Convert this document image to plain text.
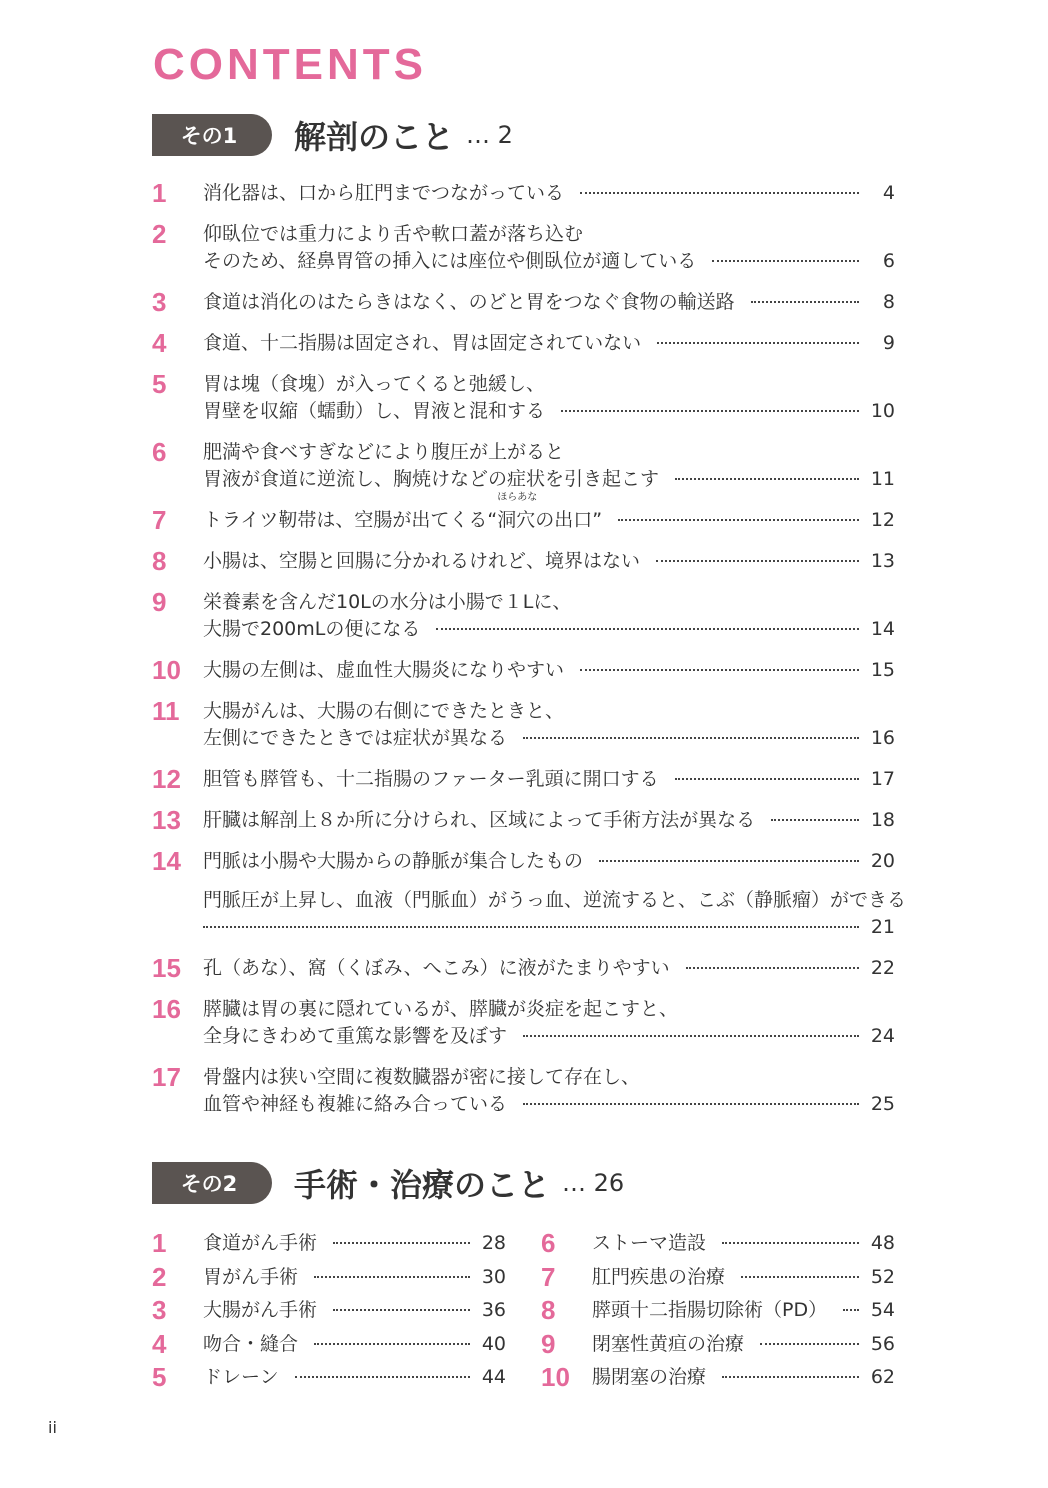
CONTENTS
その1	解剖のこと … 2
1	消化器は、口から肛門までつながっている	4
2	仰臥位では重力により舌や軟口蓋が落ち込む
そのため、経鼻胃管の挿入には座位や側臥位が適している	6
3	食道は消化のはたらきはなく、のどと胃をつなぐ食物の輸送路	8
4	食道、十二指腸は固定され、胃は固定されていない	9
5	胃は塊（食塊）が入ってくると弛緩し、
胃壁を収縮（蠕動）し、胃液と混和する	10
6	肥満や食べすぎなどにより腹圧が上がると
胃液が食道に逆流し、胸焼けなどの症状を引き起こす	11
7	トライツ靭帯は、空腸が出てくる“洞穴
ほらあな
の出口”	12
8	小腸は、空腸と回腸に分かれるけれど、境界はない	13
9	栄養素を含んだ10Lの水分は小腸で１Lに、
大腸で200mLの便になる	14
10	大腸の左側は、虚血性大腸炎になりやすい	15
11	大腸がんは、大腸の右側にできたときと、
左側にできたときでは症状が異なる	16
12	胆管も膵管も、十二指腸のファーター乳頭に開口する	17
13	肝臓は解剖上８か所に分けられ、区域によって手術方法が異なる	18
14	門脈は小腸や大腸からの静脈が集合したもの	20
門脈圧が上昇し、血液（門脈血）がうっ血、逆流すると、こぶ（静脈瘤）ができる
21
15	孔（あな）、窩（くぼみ、へこみ）に液がたまりやすい	22
16	膵臓は胃の裏に隠れているが、膵臓が炎症を起こすと、
全身にきわめて重篤な影響を及ぼす	24
17	骨盤内は狭い空間に複数臓器が密に接して存在し、
血管や神経も複雑に絡み合っている	25
その2	手術・治療のこと … 26
1	食道がん手術	28
2	胃がん手術	30
3	大腸がん手術	36
4	吻合・縫合	40
5	ドレーン	44
6	ストーマ造設	48
7	肛門疾患の治療	52
8	膵頭十二指腸切除術（PD） 54
9	閉塞性黄疸の治療	56
10	腸閉塞の治療	62
ii
